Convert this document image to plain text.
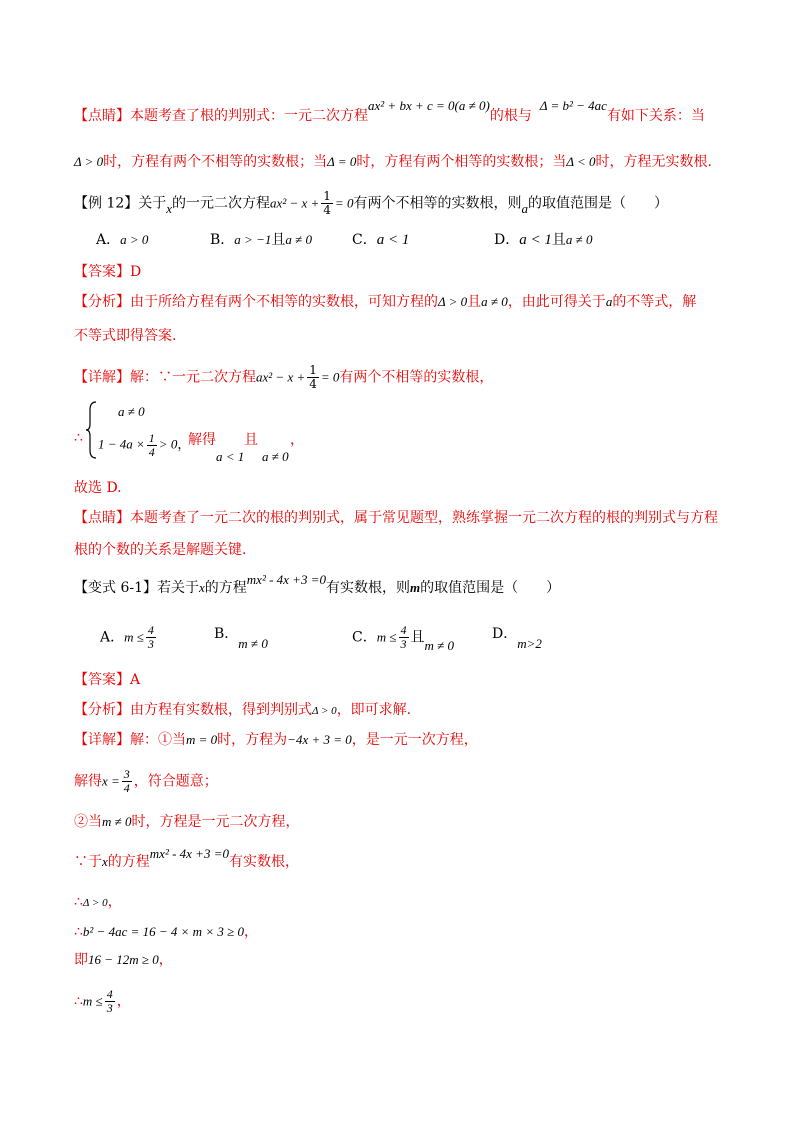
【点睛】本题考查了根的判别式：一元二次方程ax² + bx + c = 0(a ≠ 0)的根与Δ = b² − 4ac有如下关系：当
Δ > 0时，方程有两个不相等的实数根；当Δ = 0时，方程有两个相等的实数根；当Δ < 0时，方程无实数根.
【例 12】关于x的一元二次方程$ax^2 - x + \frac{1}{4} = 0$有两个不相等的实数根，则a的取值范围是（　　）
A．a > 0	B．a > −1且a ≠ 0	C．a < 1	D．a < 1且a ≠ 0
【答案】D
【分析】由于所给方程有两个不相等的实数根，可知方程的Δ > 0且a ≠ 0，由此可得关于a的不等式，解
不等式即得答案.
【详解】解：∵一元二次方程$ax^2 - x + \frac{1}{4} = 0$有两个不相等的实数根，
∴
a ≠ 0
$1 - 4a \times \frac{1}{4} > 0$，
解得 且 ，
a < 1 a ≠ 0
故选 D.
【点睛】本题考查了一元二次的根的判别式，属于常见题型，熟练掌握一元二次方程的根的判别式与方程
根的个数的关系是解题关键.
【变式 6-1】若关于x的方程mx² - 4x +3 =0有实数根，则m的取值范围是（　　）
A．$m \le \frac{4}{3}$	B．m ≠ 0	C．$m \le \frac{4}{3}$ 且m ≠ 0
D．m>2
【答案】A
【分析】由方程有实数根，得到判别式Δ > 0，即可求解.
【详解】解：①当m = 0时，方程为−4x + 3 = 0，是一元一次方程，
解得$x = \frac{3}{4}$ ，符合题意；
②当m ≠ 0时，方程是一元二次方程，
∵于x的方程mx² - 4x +3 =0有实数根，
∴Δ > 0，
∴b² − 4ac = 16 − 4 × m × 3 ≥ 0，
即16 − 12m ≥ 0，
∴m ≤ $\frac{4}{3}$ ，
